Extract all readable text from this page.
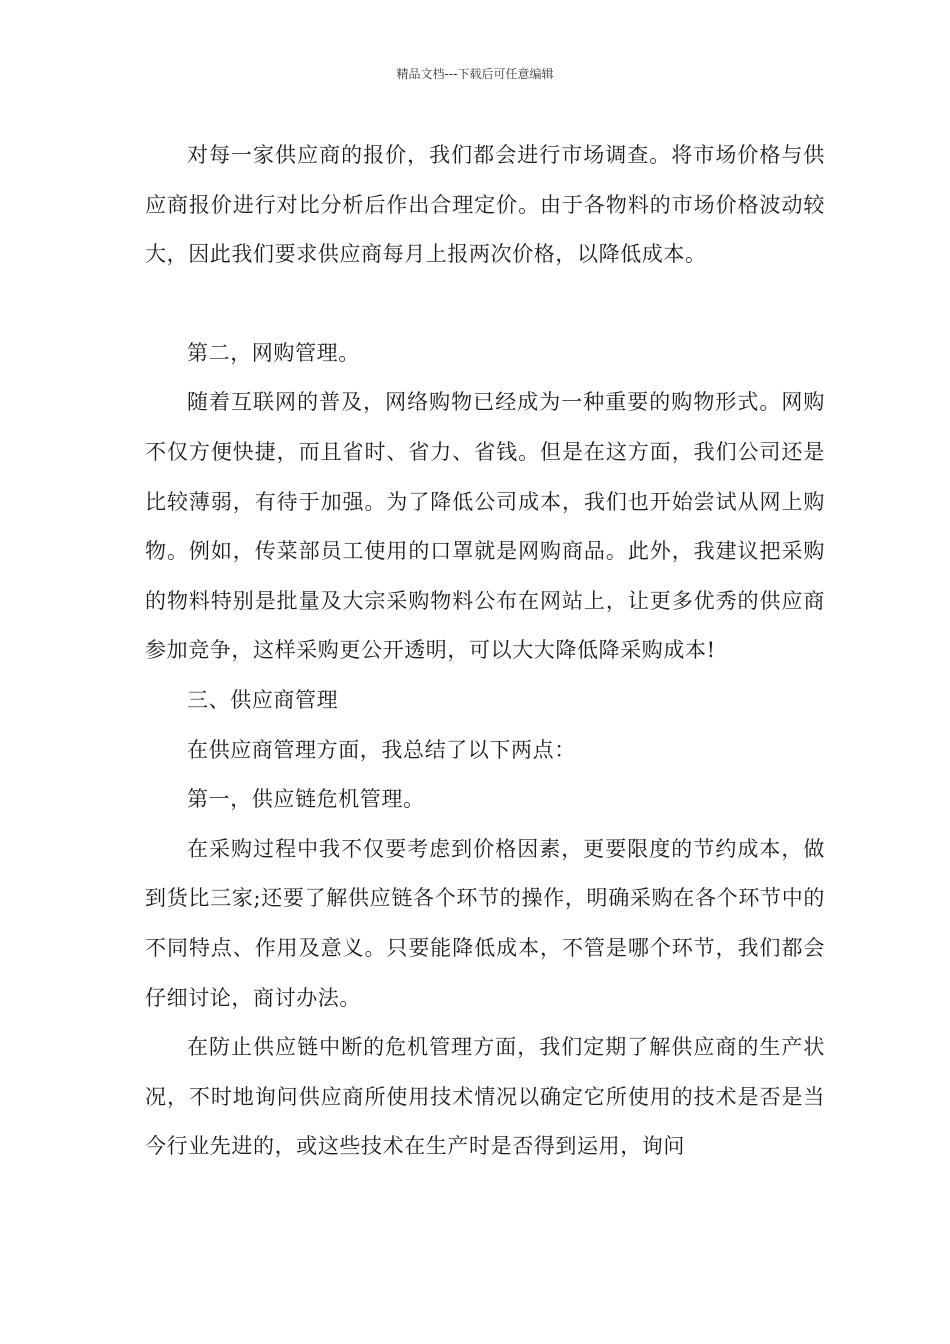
精品文档---下载后可任意编辑

对每一家供应商的报价，我们都会进行市场调查。将市场价格与供应商报价进行对比分析后作出合理定价。由于各物料的市场价格波动较大，因此我们要求供应商每月上报两次价格，以降低成本。

第二，网购管理。

随着互联网的普及，网络购物已经成为一种重要的购物形式。网购不仅方便快捷，而且省时、省力、省钱。但是在这方面，我们公司还是比较薄弱，有待于加强。为了降低公司成本，我们也开始尝试从网上购物。例如，传菜部员工使用的口罩就是网购商品。此外，我建议把采购的物料特别是批量及大宗采购物料公布在网站上，让更多优秀的供应商参加竞争，这样采购更公开透明，可以大大降低降采购成本!

三、供应商管理

在供应商管理方面，我总结了以下两点：

第一，供应链危机管理。

在采购过程中我不仅要考虑到价格因素，更要限度的节约成本，做到货比三家;还要了解供应链各个环节的操作，明确采购在各个环节中的不同特点、作用及意义。只要能降低成本，不管是哪个环节，我们都会仔细讨论，商讨办法。

在防止供应链中断的危机管理方面，我们定期了解供应商的生产状况，不时地询问供应商所使用技术情况以确定它所使用的技术是否是当今行业先进的，或这些技术在生产时是否得到运用，询问
